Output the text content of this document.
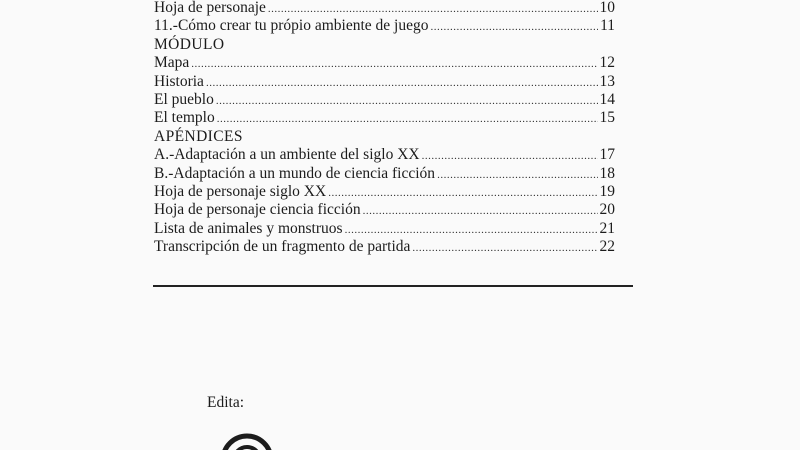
Hoja de personaje .....	10
11.-Cómo crear tu própio ambiente de juego .....	11
MÓDULO
Mapa .....	12
Historia .....	13
El pueblo .....	14
El templo .....	15
APÉNDICES
A.-Adaptación a un ambiente del siglo XX .....	17
B.-Adaptación a un mundo de ciencia ficción .....	18
Hoja de personaje siglo XX .....	19
Hoja de personaje ciencia ficción .....	20
Lista de animales y monstruos .....	21
Transcripción de un fragmento de partida .....	22
Edita:
